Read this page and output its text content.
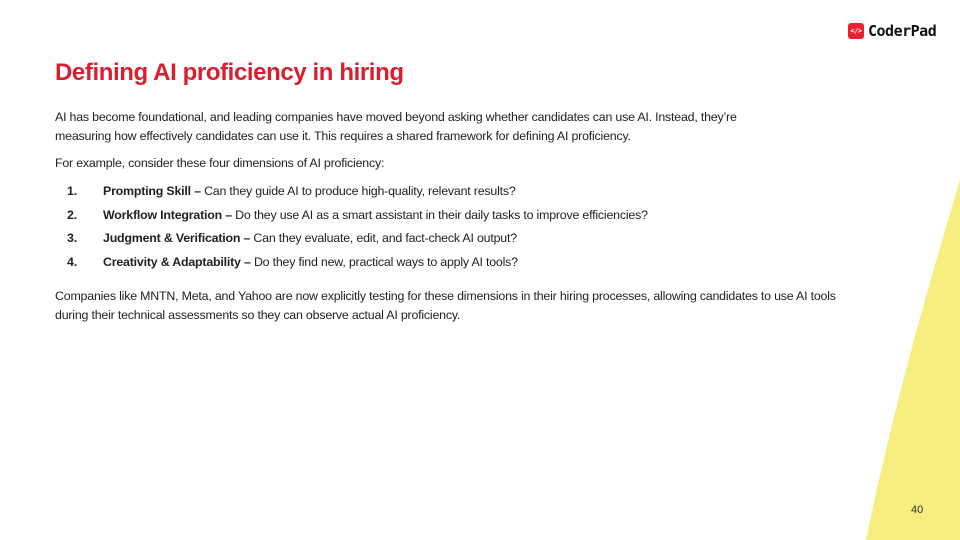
</> CoderPad
Defining AI proficiency in hiring

AI has become foundational, and leading companies have moved beyond asking whether candidates can use AI. Instead, they’re measuring how effectively candidates can use it. This requires a shared framework for defining AI proficiency.

For example, consider these four dimensions of AI proficiency:

1.	Prompting Skill – Can they guide AI to produce high-quality, relevant results?
2.	Workflow Integration – Do they use AI as a smart assistant in their daily tasks to improve efficiencies?
3.	Judgment & Verification – Can they evaluate, edit, and fact-check AI output?
4.	Creativity & Adaptability – Do they find new, practical ways to apply AI tools?

Companies like MNTN, Meta, and Yahoo are now explicitly testing for these dimensions in their hiring processes, allowing candidates to use AI tools during their technical assessments so they can observe actual AI proficiency.

40
